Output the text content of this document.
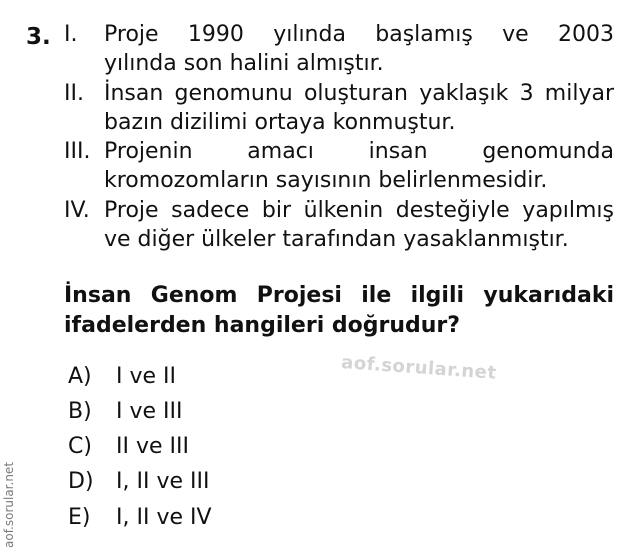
3. I. Proje 1990 yılında başlamış ve 2003
yılında son halini almıştır.
II. İnsan genomunu oluşturan yaklaşık 3 milyar
bazın dizilimi ortaya konmuştur.
III. Projenin amacı insan genomunda
kromozomların sayısının belirlenmesidir.
IV. Proje sadece bir ülkenin desteğiyle yapılmış
ve diğer ülkeler tarafından yasaklanmıştır.
İnsan Genom Projesi ile ilgili yukarıdaki
ifadelerden hangileri doğrudur?
A) I ve II
B) I ve III
C) II ve III
D) I, II ve III
E) I, II ve IV
aof.sorular.net
aof.sorular.net
